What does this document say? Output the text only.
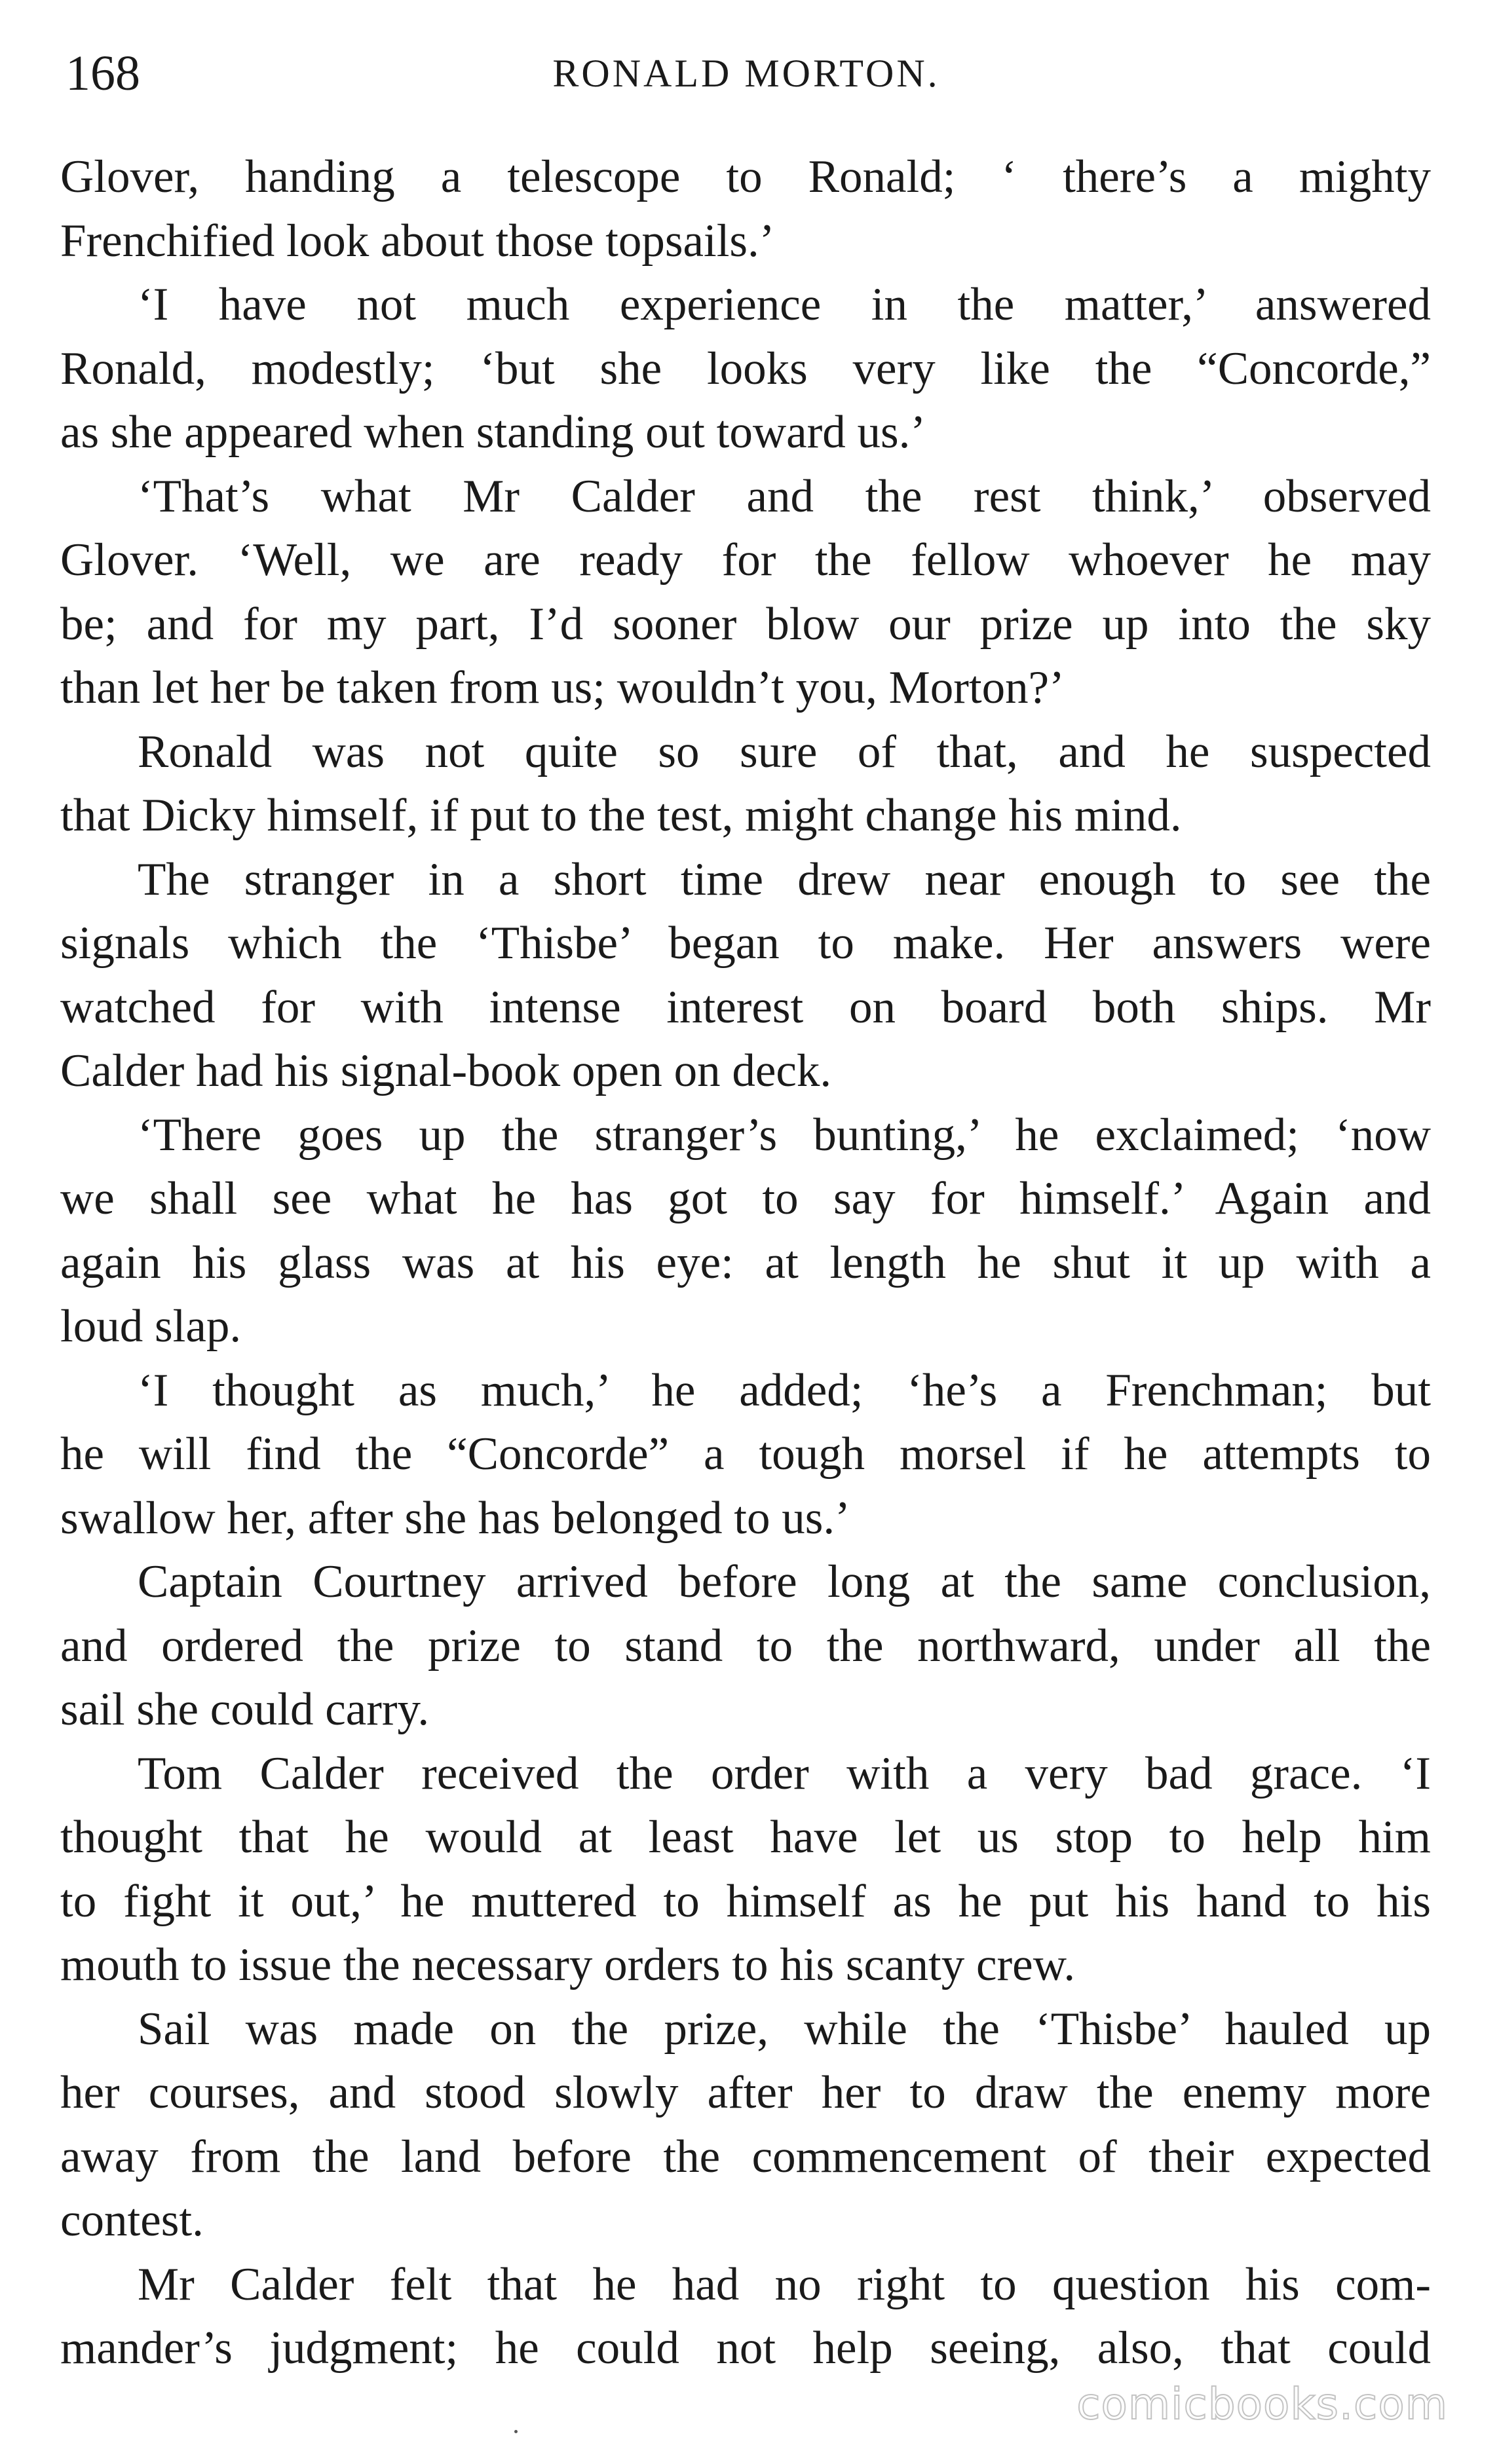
168	RONALD MORTON.
Glover, handing a telescope to Ronald; ‘ there’s a mighty
Frenchified look about those topsails.’
‘I have not much experience in the matter,’ answered
Ronald, modestly; ‘but she looks very like the “Concorde,”
as she appeared when standing out toward us.’
‘That’s what Mr Calder and the rest think,’ observed
Glover. ‘Well, we are ready for the fellow whoever he may
be; and for my part, I’d sooner blow our prize up into the sky
than let her be taken from us; wouldn’t you, Morton?’
Ronald was not quite so sure of that, and he suspected
that Dicky himself, if put to the test, might change his mind.
The stranger in a short time drew near enough to see the
signals which the ‘Thisbe’ began to make. Her answers were
watched for with intense interest on board both ships. Mr
Calder had his signal-book open on deck.
‘There goes up the stranger’s bunting,’ he exclaimed; ‘now
we shall see what he has got to say for himself.’ Again and
again his glass was at his eye: at length he shut it up with a
loud slap.
‘I thought as much,’ he added; ‘he’s a Frenchman; but
he will find the “Concorde” a tough morsel if he attempts to
swallow her, after she has belonged to us.’
Captain Courtney arrived before long at the same conclusion,
and ordered the prize to stand to the northward, under all the
sail she could carry.
Tom Calder received the order with a very bad grace. ‘I
thought that he would at least have let us stop to help him
to fight it out,’ he muttered to himself as he put his hand to his
mouth to issue the necessary orders to his scanty crew.
Sail was made on the prize, while the ‘Thisbe’ hauled up
her courses, and stood slowly after her to draw the enemy more
away from the land before the commencement of their expected
contest.
Mr Calder felt that he had no right to question his com-
mander’s judgment; he could not help seeing, also, that could
comicbooks.com
